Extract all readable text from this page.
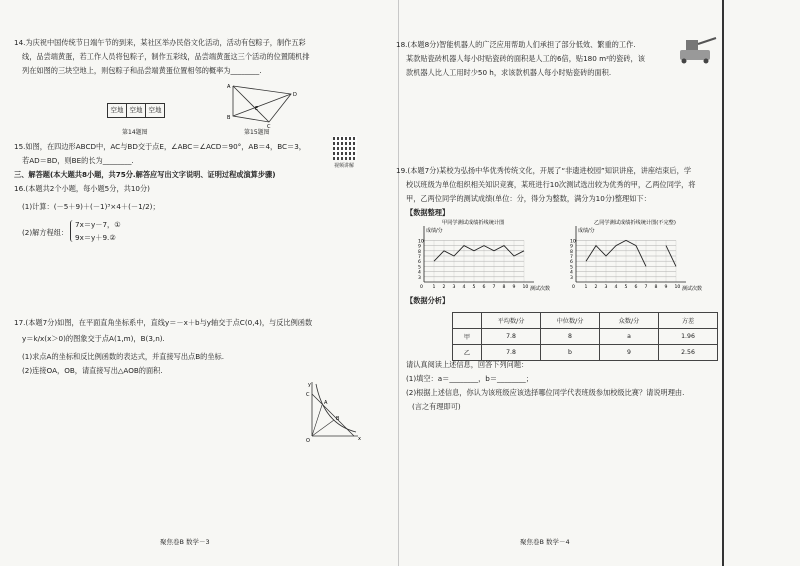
14.为庆祝中国传统节日端午节的到来，某社区举办民俗文化活动，活动有包粽子，制作五彩
线，品尝端黄蛋，若工作人员将包粽子，制作五彩线，品尝端黄蛋这三个活动的位置随机排
列在如图的三块空地上，则包粽子和品尝端黄蛋位置相邻的概率为________.
空地 空地 空地
第14题图
A
B
C
D
E
第15题图
15.如图，在四边形ABCD中，AC与BD交于点E，∠ABC＝∠ACD＝90°，AB＝4，BC＝3，
若AD＝BD，则BE的长为________.
视频讲解
三、解答题(本大题共8小题，共75分.解答应写出文字说明、证明过程或演算步骤)
16.(本题共2个小题，每小题5分，共10分)
(1)计算：(－5＋9)＋(－1)³×4＋(－1/2)；
(2)解方程组：
7x＝y－7，①
9x＝y＋9.②
17.(本题7分)如图，在平面直角坐标系中，直线y＝－x＋b与y轴交于点C(0,4)，与反比例函数
y＝k/x(x＞0)的图象交于点A(1,m)，B(3,n).
(1)求点A的坐标和反比例函数的表达式，并直接写出点B的坐标.
(2)连接OA，OB，请直接写出△AOB的面积.
y
x
O
A
B
C
聚焦卷B 数学－3
18.(本题8分)智能机器人的广泛应用帮助人们承担了部分低效、繁重的工作.
某款贴瓷砖机器人每小时贴瓷砖的面积是人工的6倍，贴180 m²的瓷砖，该
款机器人比人工用时少50 h，求该款机器人每小时贴瓷砖的面积.
19.(本题7分)某校为弘扬中华优秀传统文化，开展了“非遗进校园”知识讲座，讲座结束后，学
校以班级为单位组织相关知识竞赛，某班进行10次测试选出较为优秀的甲，乙两位同学，将
甲，乙两位同学的测试成绩(单位：分，得分为整数，满分为10分)整理如下：
【数据整理】
甲同学测试成绩折线统计图
成绩/分
测试次数
3
4
5
6
7
8
9
10
1 2 3 4 5 6 7 8 9 10
0
乙同学测试成绩折线统计图(不完整)
成绩/分
测试次数
3
4
5
6
7
8
9
10
1 2 3 4 5 6 7 8 9 10
0
【数据分析】
	平均数/分	中位数/分	众数/分	方差
甲	7.8	8	a	1.96
乙	7.8	b	9	2.56
请认真阅读上述信息，回答下列问题：
(1)填空：a＝________，b＝________；
(2)根据上述信息，你认为该班级应该选择哪位同学代表班级参加校级比赛？请说明理由.
(言之有理即可)
聚焦卷B 数学－4
